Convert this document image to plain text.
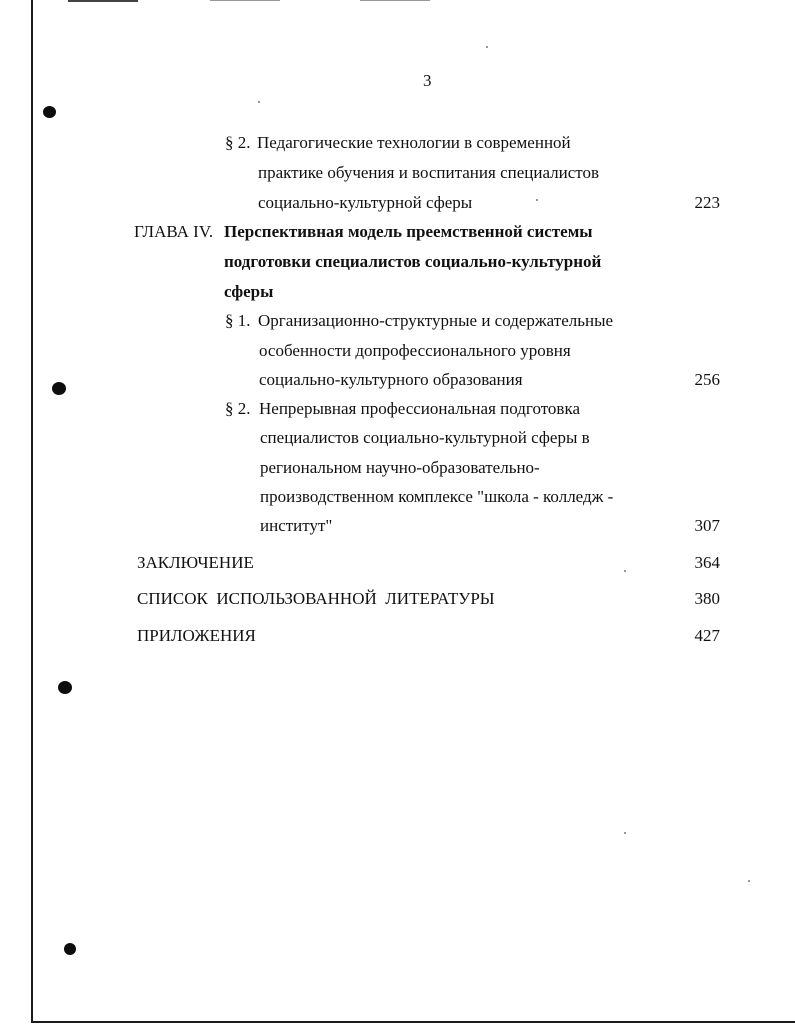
3
§ 2. Педагогические технологии в современной
практике обучения и воспитания специалистов
социально-культурной сферы	223
ГЛАВА IV. Перспективная модель преемственной системы
подготовки специалистов социально-культурной
сферы
§ 1. Организационно-структурные и содержательные
особенности допрофессионального уровня
социально-культурного образования	256
§ 2. Непрерывная профессиональная подготовка
специалистов социально-культурной сферы в
региональном научно-образовательно-
производственном комплексе "школа - колледж -
институт"	307
ЗАКЛЮЧЕНИЕ	364
СПИСОК  ИСПОЛЬЗОВАННОЙ  ЛИТЕРАТУРЫ	380
ПРИЛОЖЕНИЯ	427
